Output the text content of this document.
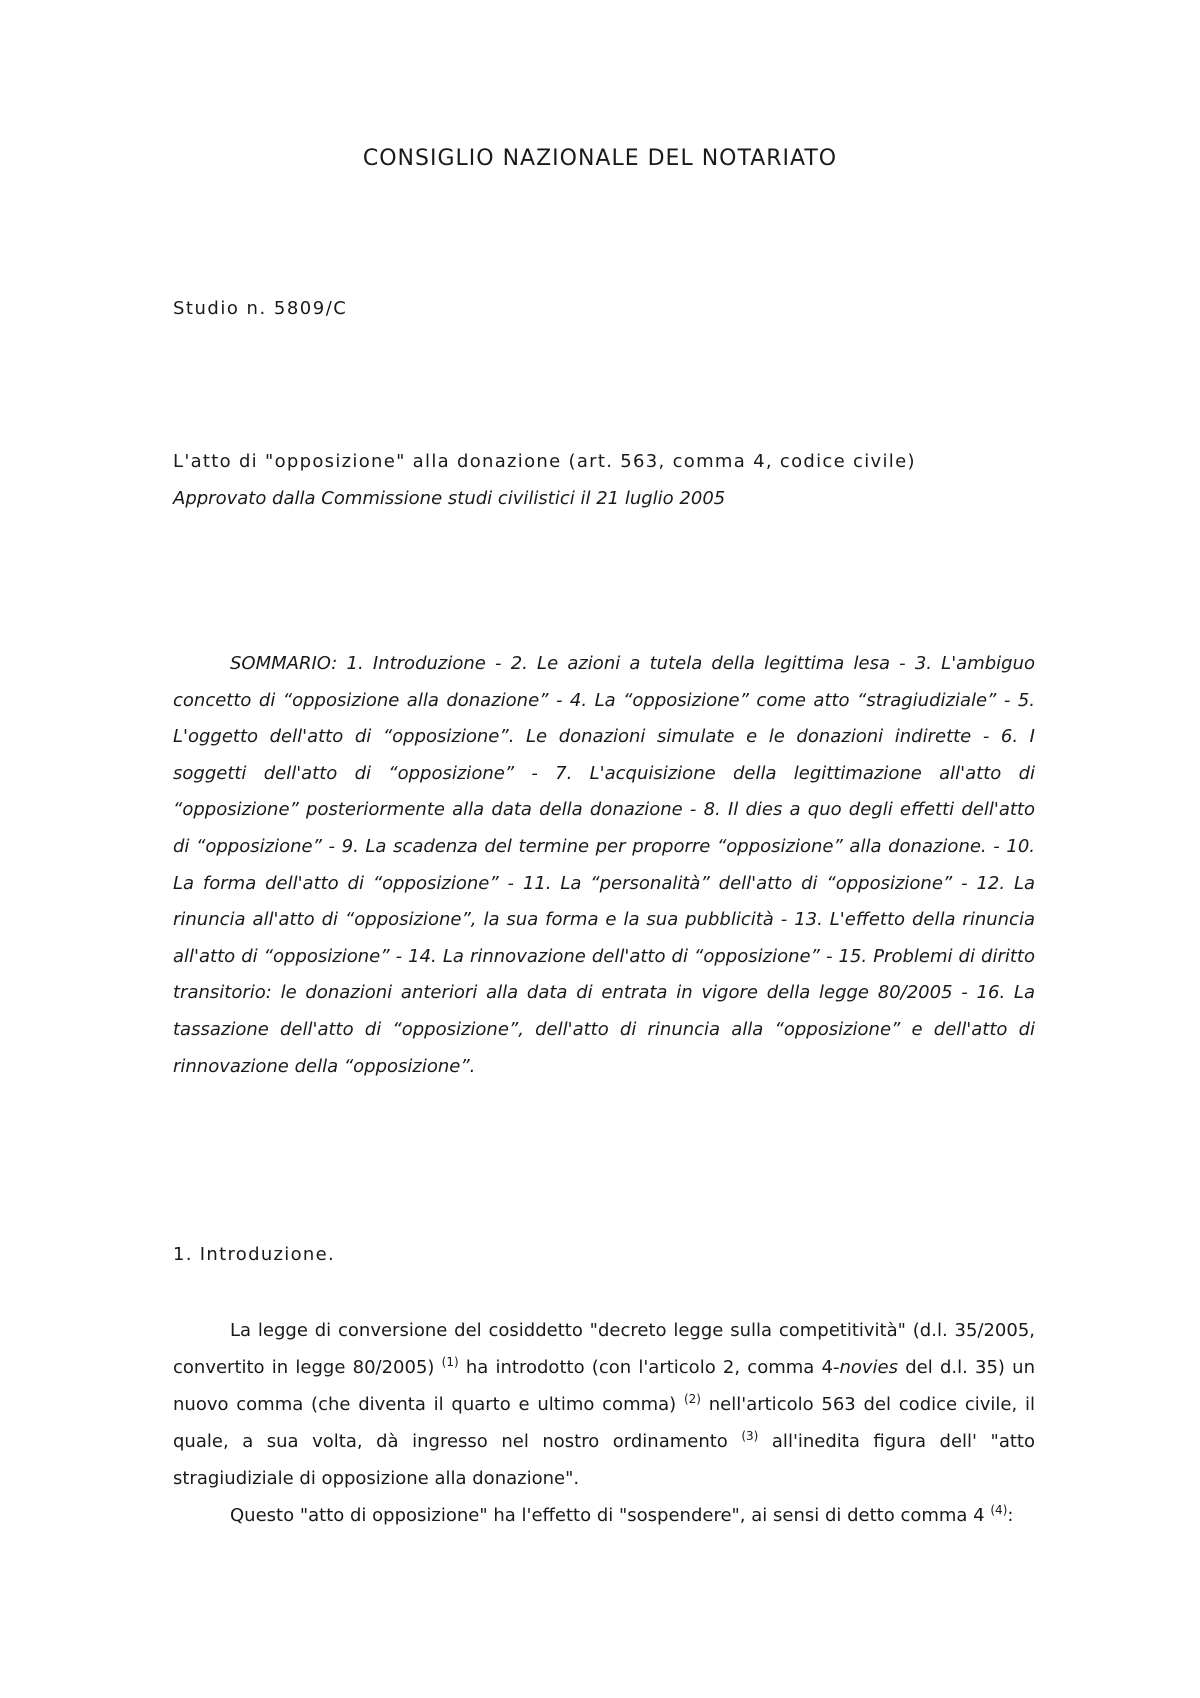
CONSIGLIO NAZIONALE DEL NOTARIATO

Studio n. 5809/C

L'atto di "opposizione" alla donazione (art. 563, comma 4, codice civile)

Approvato dalla Commissione studi civilistici il 21 luglio 2005

SOMMARIO: 1. Introduzione - 2. Le azioni a tutela della legittima lesa - 3. L'ambiguo concetto di “opposizione alla donazione” - 4. La “opposizione” come atto “stragiudiziale” - 5. L'oggetto dell'atto di “opposizione”. Le donazioni simulate e le donazioni indirette - 6. I soggetti dell'atto di “opposizione” - 7. L'acquisizione della legittimazione all'atto di “opposizione” posteriormente alla data della donazione - 8. Il dies a quo degli effetti dell'atto di “opposizione” - 9. La scadenza del termine per proporre “opposizione” alla donazione. - 10. La forma dell'atto di “opposizione” - 11. La “personalità” dell'atto di “opposizione” - 12. La rinuncia all'atto di “opposizione”, la sua forma e la sua pubblicità - 13. L'effetto della rinuncia all'atto di “opposizione” - 14. La rinnovazione dell'atto di “opposizione” - 15. Problemi di diritto transitorio: le donazioni anteriori alla data di entrata in vigore della legge 80/2005 - 16. La tassazione dell'atto di “opposizione”, dell'atto di rinuncia alla “opposizione” e dell'atto di rinnovazione della “opposizione”.

1. Introduzione.

La legge di conversione del cosiddetto "decreto legge sulla competitività" (d.l. 35/2005, convertito in legge 80/2005) $^{(1)}$ ha introdotto (con l'articolo 2, comma 4-novies del d.l. 35) un nuovo comma (che diventa il quarto e ultimo comma) $^{(2)}$ nell'articolo 563 del codice civile, il quale, a sua volta, dà ingresso nel nostro ordinamento $^{(3)}$ all'inedita figura dell' "atto stragiudiziale di opposizione alla donazione".

Questo "atto di opposizione" ha l'effetto di "sospendere", ai sensi di detto comma 4 $^{(4)}$:
